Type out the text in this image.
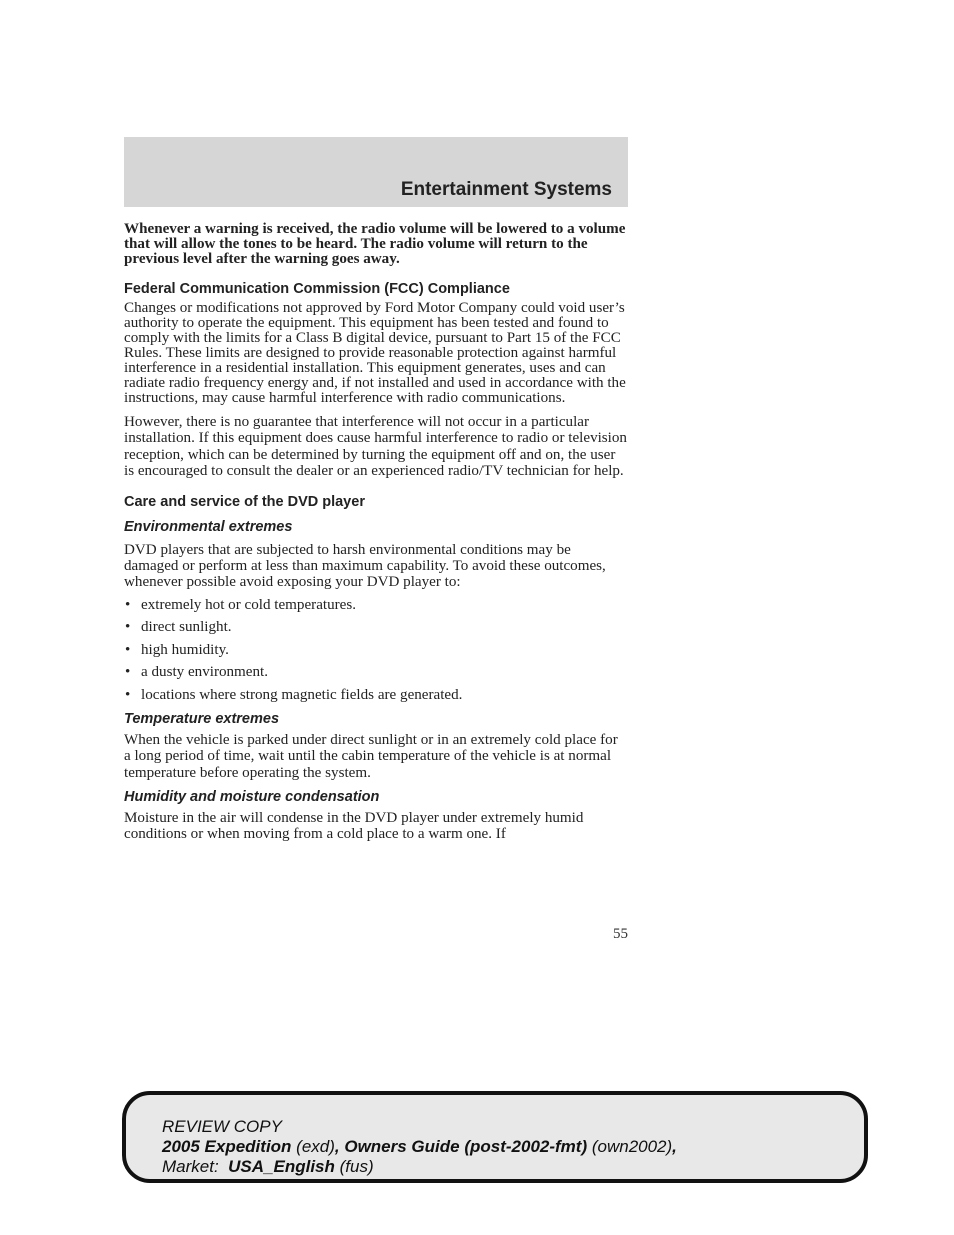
Entertainment Systems

Whenever a warning is received, the radio volume will be lowered to a volume that will allow the tones to be heard. The radio volume will return to the previous level after the warning goes away.

Federal Communication Commission (FCC) Compliance

Changes or modifications not approved by Ford Motor Company could void user’s authority to operate the equipment. This equipment has been tested and found to comply with the limits for a Class B digital device, pursuant to Part 15 of the FCC Rules. These limits are designed to provide reasonable protection against harmful interference in a residential installation. This equipment generates, uses and can radiate radio frequency energy and, if not installed and used in accordance with the instructions, may cause harmful interference with radio communications.

However, there is no guarantee that interference will not occur in a particular installation. If this equipment does cause harmful interference to radio or television reception, which can be determined by turning the equipment off and on, the user is encouraged to consult the dealer or an experienced radio/TV technician for help.

Care and service of the DVD player
Environmental extremes

DVD players that are subjected to harsh environmental conditions may be damaged or perform at less than maximum capability. To avoid these outcomes, whenever possible avoid exposing your DVD player to:

• extremely hot or cold temperatures.
• direct sunlight.
• high humidity.
• a dusty environment.
• locations where strong magnetic fields are generated.
Temperature extremes

When the vehicle is parked under direct sunlight or in an extremely cold place for a long period of time, wait until the cabin temperature of the vehicle is at normal temperature before operating the system.

Humidity and moisture condensation

Moisture in the air will condense in the DVD player under extremely humid conditions or when moving from a cold place to a warm one. If

55
REVIEW COPY
2005 Expedition (exd), Owners Guide (post-2002-fmt) (own2002),
Market: USA_English (fus)
